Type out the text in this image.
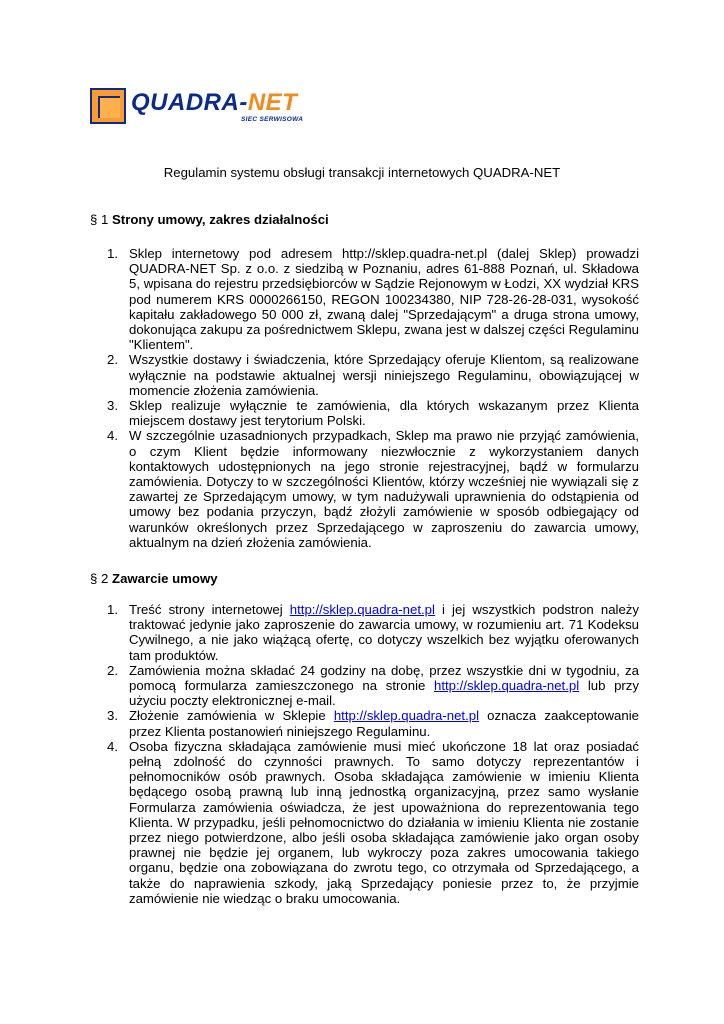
QUADRA-NET
SIEC SERWISOWA
Regulamin systemu obsługi transakcji internetowych QUADRA-NET
§ 1 Strony umowy, zakres działalności
1. Sklep internetowy pod adresem http://sklep.quadra-net.pl (dalej Sklep) prowadzi QUADRA-NET Sp. z o.o. z siedzibą w Poznaniu, adres 61-888 Poznań, ul. Składowa 5, wpisana do rejestru przedsiębiorców w Sądzie Rejonowym w Łodzi, XX wydział KRS pod numerem KRS 0000266150, REGON 100234380, NIP 728-26-28-031, wysokość kapitału zakładowego 50 000 zł, zwaną dalej "Sprzedającym" a druga strona umowy, dokonująca zakupu za pośrednictwem Sklepu, zwana jest w dalszej części Regulaminu "Klientem".
2. Wszystkie dostawy i świadczenia, które Sprzedający oferuje Klientom, są realizowane wyłącznie na podstawie aktualnej wersji niniejszego Regulaminu, obowiązującej w momencie złożenia zamówienia.
3. Sklep realizuje wyłącznie te zamówienia, dla których wskazanym przez Klienta miejscem dostawy jest terytorium Polski.
4. W szczególnie uzasadnionych przypadkach, Sklep ma prawo nie przyjąć zamówienia, o czym Klient będzie informowany niezwłocznie z wykorzystaniem danych kontaktowych udostępnionych na jego stronie rejestracyjnej, bądź w formularzu zamówienia. Dotyczy to w szczególności Klientów, którzy wcześniej nie wywiązali się z zawartej ze Sprzedającym umowy, w tym nadużywali uprawnienia do odstąpienia od umowy bez podania przyczyn, bądź złożyli zamówienie w sposób odbiegający od warunków określonych przez Sprzedającego w zaproszeniu do zawarcia umowy, aktualnym na dzień złożenia zamówienia.
§ 2 Zawarcie umowy
1. Treść strony internetowej http://sklep.quadra-net.pl i jej wszystkich podstron należy traktować jedynie jako zaproszenie do zawarcia umowy, w rozumieniu art. 71 Kodeksu Cywilnego, a nie jako wiążącą ofertę, co dotyczy wszelkich bez wyjątku oferowanych tam produktów.
2. Zamówienia można składać 24 godziny na dobę, przez wszystkie dni w tygodniu, za pomocą formularza zamieszczonego na stronie http://sklep.quadra-net.pl lub przy użyciu poczty elektronicznej e-mail.
3. Złożenie zamówienia w Sklepie http://sklep.quadra-net.pl oznacza zaakceptowanie przez Klienta postanowień niniejszego Regulaminu.
4. Osoba fizyczna składająca zamówienie musi mieć ukończone 18 lat oraz posiadać pełną zdolność do czynności prawnych. To samo dotyczy reprezentantów i pełnomocników osób prawnych. Osoba składająca zamówienie w imieniu Klienta będącego osobą prawną lub inną jednostką organizacyjną, przez samo wysłanie Formularza zamówienia oświadcza, że jest upoważniona do reprezentowania tego Klienta. W przypadku, jeśli pełnomocnictwo do działania w imieniu Klienta nie zostanie przez niego potwierdzone, albo jeśli osoba składająca zamówienie jako organ osoby prawnej nie będzie jej organem, lub wykroczy poza zakres umocowania takiego organu, będzie ona zobowiązana do zwrotu tego, co otrzymała od Sprzedającego, a także do naprawienia szkody, jaką Sprzedający poniesie przez to, że przyjmie zamówienie nie wiedząc o braku umocowania.
